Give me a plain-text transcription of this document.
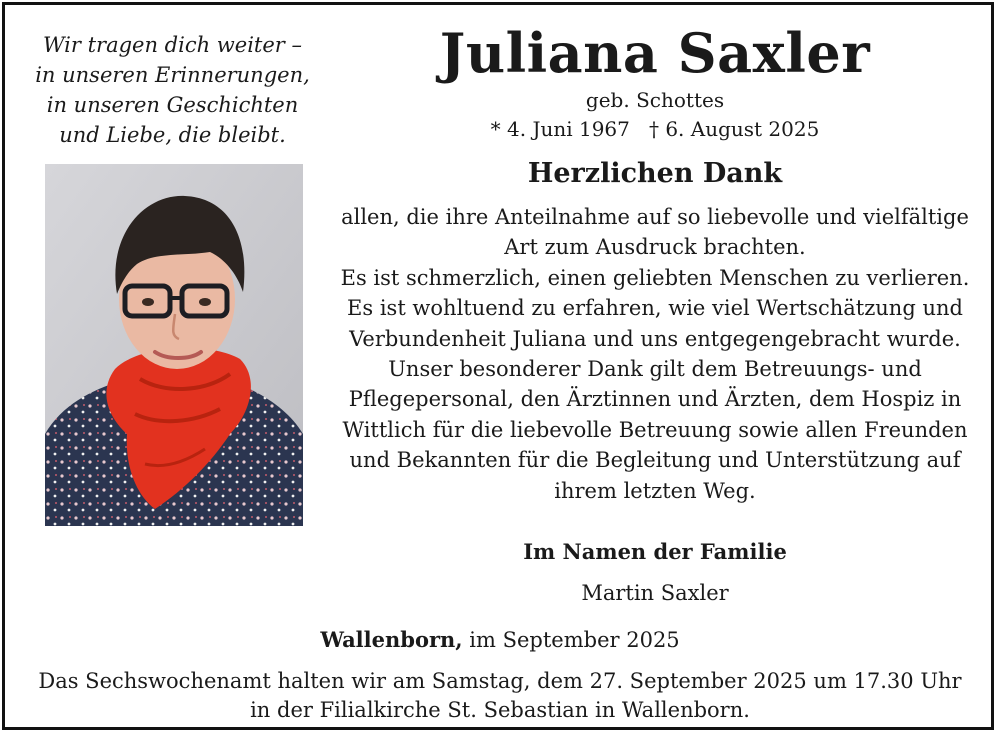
Wir tragen dich weiter –
in unseren Erinnerungen,
in unseren Geschichten
und Liebe, die bleibt.
Juliana Saxler
geb. Schottes
* 4. Juni 1967   † 6. August 2025
Herzlichen Dank
allen, die ihre Anteilnahme auf so liebevolle und vielfältige
Art zum Ausdruck brachten.
Es ist schmerzlich, einen geliebten Menschen zu verlieren.
Es ist wohltuend zu erfahren, wie viel Wertschätzung und
Verbundenheit Juliana und uns entgegengebracht wurde.
Unser besonderer Dank gilt dem Betreuungs- und
Pflegepersonal, den Ärztinnen und Ärzten, dem Hospiz in
Wittlich für die liebevolle Betreuung sowie allen Freunden
und Bekannten für die Begleitung und Unterstützung auf
ihrem letzten Weg.
Im Namen der Familie
Martin Saxler
Wallenborn, im September 2025
Das Sechswochenamt halten wir am Samstag, dem 27. September 2025 um 17.30 Uhr
in der Filialkirche St. Sebastian in Wallenborn.
